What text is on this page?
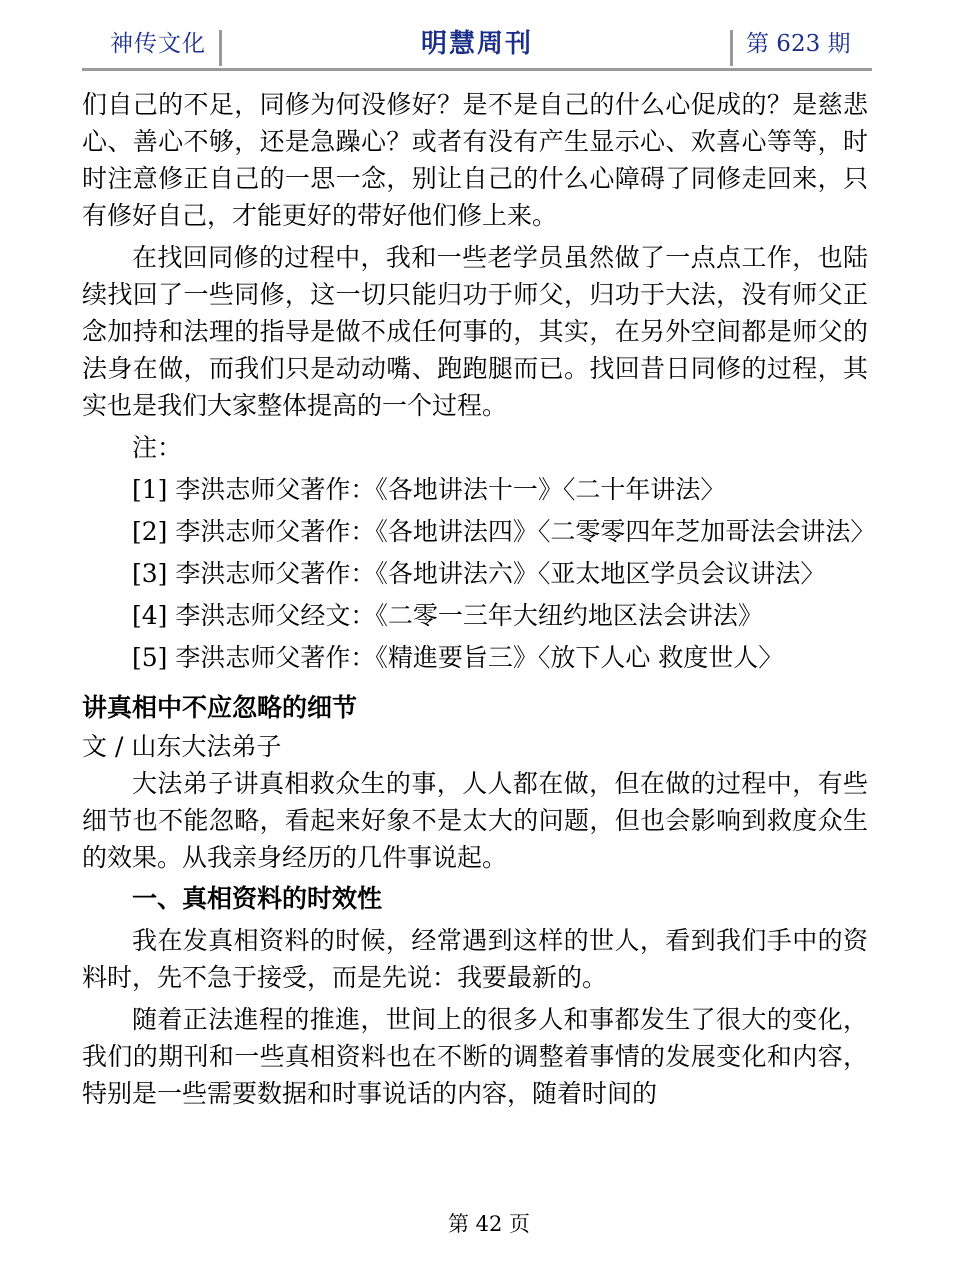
神传文化	明慧周刊	第 623 期

们自己的不足，同修为何没修好？是不是自己的什么心促成的？是慈悲心、善心不够，还是急躁心？或者有没有产生显示心、欢喜心等等，时时注意修正自己的一思一念，别让自己的什么心障碍了同修走回来，只有修好自己，才能更好的带好他们修上来。

在找回同修的过程中，我和一些老学员虽然做了一点点工作，也陆续找回了一些同修，这一切只能归功于师父，归功于大法，没有师父正念加持和法理的指导是做不成任何事的，其实，在另外空间都是师父的法身在做，而我们只是动动嘴、跑跑腿而已。找回昔日同修的过程，其实也是我们大家整体提高的一个过程。

注：

[1] 李洪志师父著作：《各地讲法十一》〈二十年讲法〉

[2] 李洪志师父著作：《各地讲法四》〈二零零四年芝加哥法会讲法〉

[3] 李洪志师父著作：《各地讲法六》〈亚太地区学员会议讲法〉

[4] 李洪志师父经文：《二零一三年大纽约地区法会讲法》

[5] 李洪志师父著作：《精進要旨三》〈放下人心 救度世人〉

讲真相中不应忽略的细节

文 / 山东大法弟子

大法弟子讲真相救众生的事，人人都在做，但在做的过程中，有些细节也不能忽略，看起来好象不是太大的问题，但也会影响到救度众生的效果。从我亲身经历的几件事说起。

一、真相资料的时效性

我在发真相资料的时候，经常遇到这样的世人，看到我们手中的资料时，先不急于接受，而是先说：我要最新的。

随着正法進程的推進，世间上的很多人和事都发生了很大的变化，我们的期刊和一些真相资料也在不断的调整着事情的发展变化和内容，特别是一些需要数据和时事说话的内容，随着时间的

第 42 页
